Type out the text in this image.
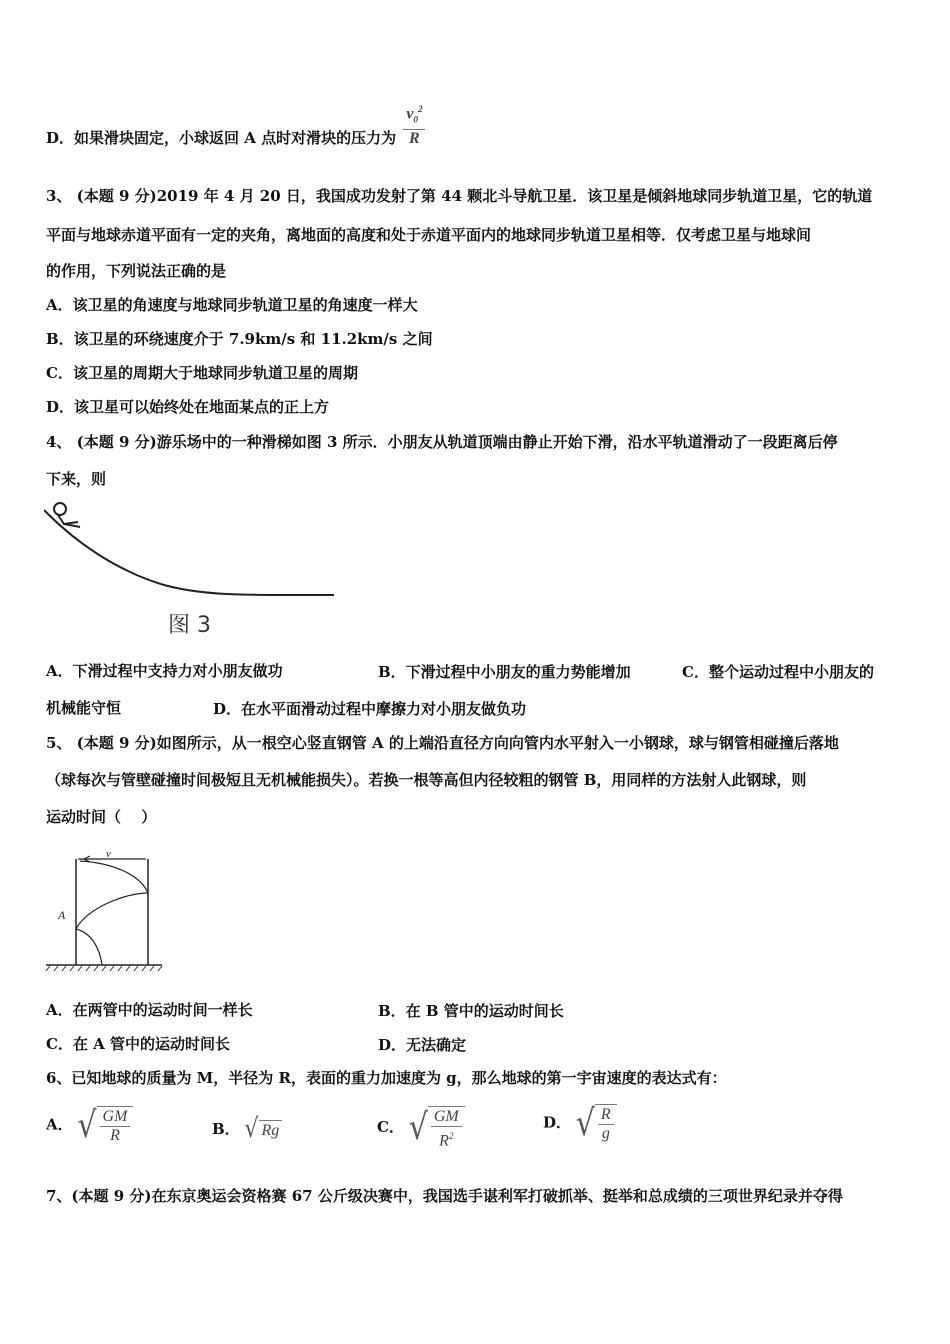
D．如果滑块固定，小球返回 A 点时对滑块的压力为 $\frac{v_0^2}{R}$
3、 (本题 9 分)2019 年 4 月 20 日，我国成功发射了第 44 颗北斗导航卫星．该卫星是倾斜地球同步轨道卫星，它的轨道
平面与地球赤道平面有一定的夹角，离地面的高度和处于赤道平面内的地球同步轨道卫星相等．仅考虑卫星与地球间
的作用，下列说法正确的是
A．该卫星的角速度与地球同步轨道卫星的角速度一样大
B．该卫星的环绕速度介于 7.9km/s 和 11.2km/s 之间
C．该卫星的周期大于地球同步轨道卫星的周期
D．该卫星可以始终处在地面某点的正上方
4、 (本题 9 分)游乐场中的一种滑梯如图 3 所示．小朋友从轨道顶端由静止开始下滑，沿水平轨道滑动了一段距离后停
下来，则
图 3
A．下滑过程中支持力对小朋友做功	B．下滑过程中小朋友的重力势能增加	C．整个运动过程中小朋友的
机械能守恒	D．在水平面滑动过程中摩擦力对小朋友做负功
5、 (本题 9 分)如图所示，从一根空心竖直钢管 A 的上端沿直径方向向管内水平射入一小钢球，球与钢管相碰撞后落地
（球每次与管壁碰撞时间极短且无机械能损失）。若换一根等高但内径较粗的钢管 B，用同样的方法射人此钢球，则
运动时间（　 ）
v
A
A．在两管中的运动时间一样长	B．在 B 管中的运动时间长
C．在 A 管中的运动时间长	D．无法确定
6、已知地球的质量为 M，半径为 R，表面的重力加速度为 g，那么地球的第一宇宙速度的表达式有：
A． √ $\frac{GM}{R}$	B． √ Rg	C． √ $\frac{GM}{R^2}$	D． √ $\frac{R}{g}$
7、(本题 9 分)在东京奥运会资格赛 67 公斤级决赛中，我国选手谌利军打破抓举、挺举和总成绩的三项世界纪录并夺得
